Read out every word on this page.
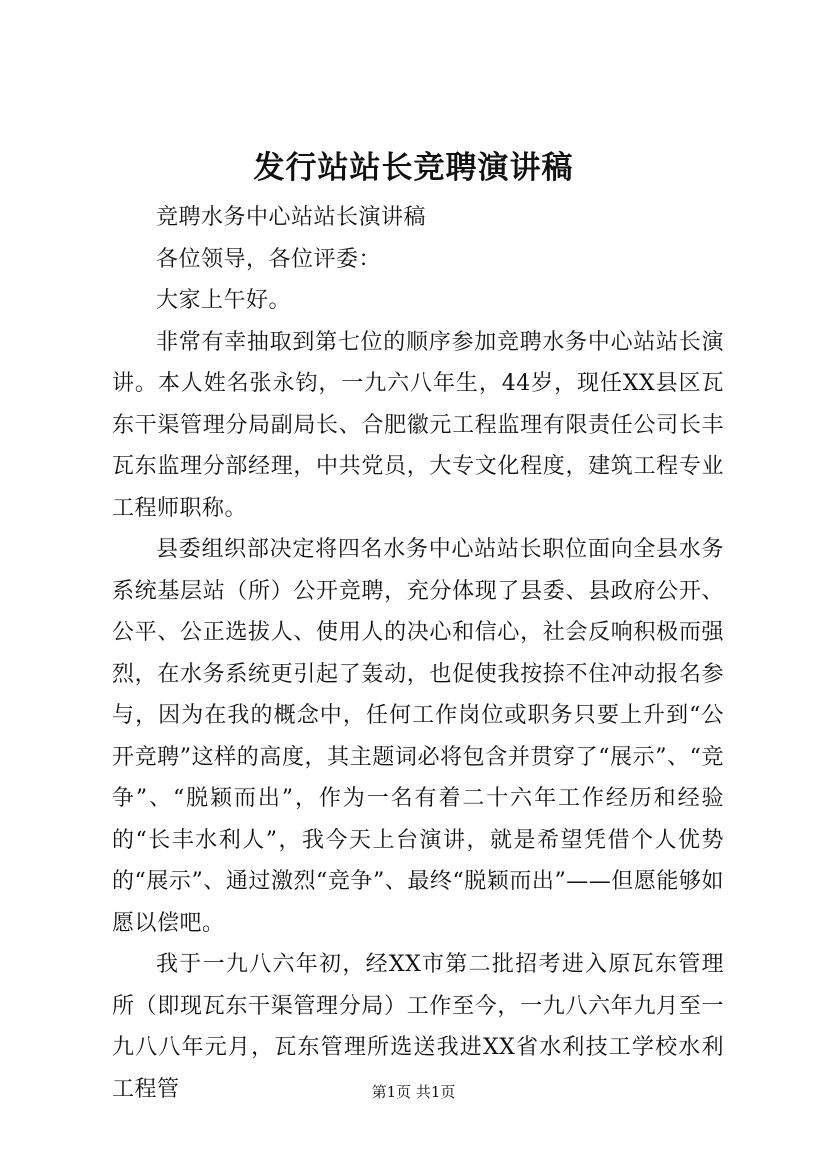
发行站站长竞聘演讲稿

竞聘水务中心站站长演讲稿

各位领导，各位评委：

大家上午好。

非常有幸抽取到第七位的顺序参加竞聘水务中心站站长演讲。本人姓名张永钧，一九六八年生，44岁，现任XX县区瓦东干渠管理分局副局长、合肥徽元工程监理有限责任公司长丰瓦东监理分部经理，中共党员，大专文化程度，建筑工程专业工程师职称。

县委组织部决定将四名水务中心站站长职位面向全县水务系统基层站（所）公开竞聘，充分体现了县委、县政府公开、公平、公正选拔人、使用人的决心和信心，社会反响积极而强烈，在水务系统更引起了轰动，也促使我按捺不住冲动报名参与，因为在我的概念中，任何工作岗位或职务只要上升到“公开竞聘”这样的高度，其主题词必将包含并贯穿了“展示”、“竞争”、“脱颖而出”，作为一名有着二十六年工作经历和经验的“长丰水利人”，我今天上台演讲，就是希望凭借个人优势的“展示”、通过激烈“竞争”、最终“脱颖而出”——但愿能够如愿以偿吧。

我于一九八六年初，经XX市第二批招考进入原瓦东管理所（即现瓦东干渠管理分局）工作至今，一九八六年九月至一九八八年元月，瓦东管理所选送我进XX省水利技工学校水利工程管	第1页 共1页
